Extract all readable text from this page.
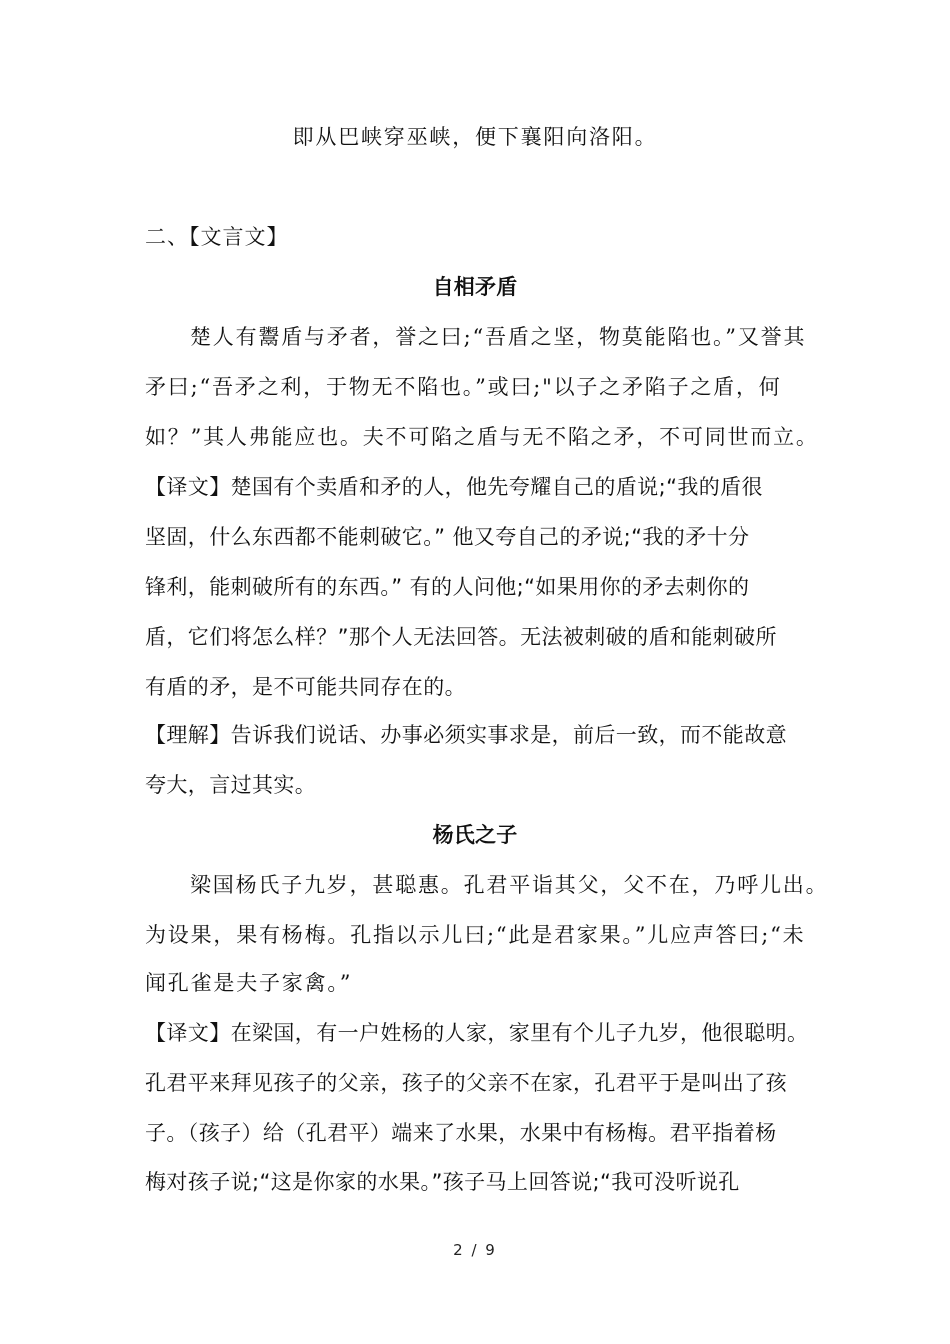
即从巴峡穿巫峡，便下襄阳向洛阳。
二、【文言文】
自相矛盾
楚人有鬻盾与矛者，誉之曰;“吾盾之坚，物莫能陷也。”又誉其
矛曰;“吾矛之利，于物无不陷也。”或曰;"以子之矛陷子之盾，何
如？”其人弗能应也。夫不可陷之盾与无不陷之矛，不可同世而立。
【译文】楚国有个卖盾和矛的人，他先夸耀自己的盾说;“我的盾很
坚固，什么东西都不能刺破它。” 他又夸自己的矛说;“我的矛十分
锋利，能刺破所有的东西。” 有的人问他;“如果用你的矛去刺你的
盾，它们将怎么样？”那个人无法回答。无法被刺破的盾和能刺破所
有盾的矛，是不可能共同存在的。
【理解】告诉我们说话、办事必须实事求是，前后一致，而不能故意
夸大，言过其实。
杨氏之子
梁国杨氏子九岁，甚聪惠。孔君平诣其父，父不在，乃呼儿出。
为设果，果有杨梅。孔指以示儿曰;“此是君家果。”儿应声答曰;“未
闻孔雀是夫子家禽。”
【译文】在梁国，有一户姓杨的人家，家里有个儿子九岁，他很聪明。
孔君平来拜见孩子的父亲，孩子的父亲不在家，孔君平于是叫出了孩
子。（孩子）给（孔君平）端来了水果，水果中有杨梅。君平指着杨
梅对孩子说;“这是你家的水果。”孩子马上回答说;“我可没听说孔
2 / 9
